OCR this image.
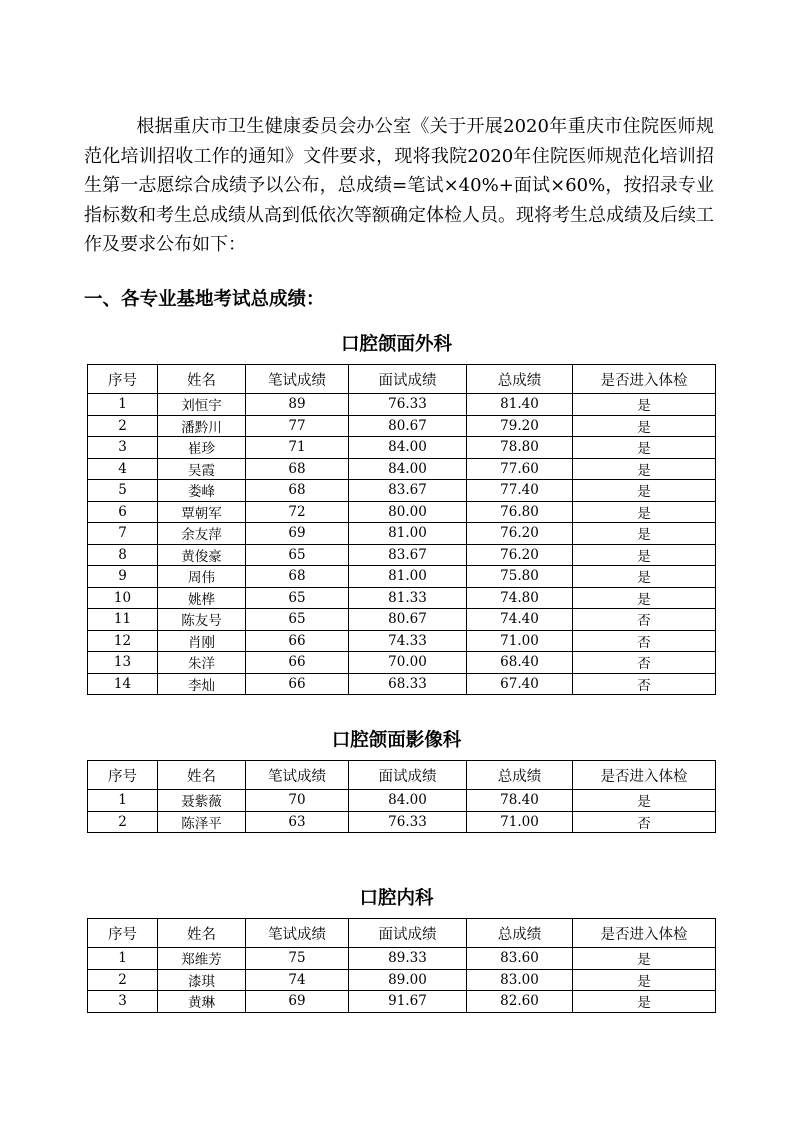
根据重庆市卫生健康委员会办公室《关于开展2020年重庆市住院医师规范化培训招收工作的通知》文件要求，现将我院2020年住院医师规范化培训招生第一志愿综合成绩予以公布，总成绩=笔试×40%+面试×60%，按招录专业指标数和考生总成绩从高到低依次等额确定体检人员。现将考生总成绩及后续工作及要求公布如下：

一、各专业基地考试总成绩：
口腔颌面外科
序号	姓名	笔试成绩	面试成绩	总成绩	是否进入体检
1	刘恒宇	89	76.33	81.40	是
2	潘黔川	77	80.67	79.20	是
3	崔珍	71	84.00	78.80	是
4	吴霞	68	84.00	77.60	是
5	娄峰	68	83.67	77.40	是
6	覃朝军	72	80.00	76.80	是
7	余友萍	69	81.00	76.20	是
8	黄俊豪	65	83.67	76.20	是
9	周伟	68	81.00	75.80	是
10	姚桦	65	81.33	74.80	是
11	陈友号	65	80.67	74.40	否
12	肖刚	66	74.33	71.00	否
13	朱洋	66	70.00	68.40	否
14	李灿	66	68.33	67.40	否
口腔颌面影像科
序号	姓名	笔试成绩	面试成绩	总成绩	是否进入体检
1	聂紫薇	70	84.00	78.40	是
2	陈泽平	63	76.33	71.00	否
口腔内科
序号	姓名	笔试成绩	面试成绩	总成绩	是否进入体检
1	郑维芳	75	89.33	83.60	是
2	漆琪	74	89.00	83.00	是
3	黄琳	69	91.67	82.60	是
